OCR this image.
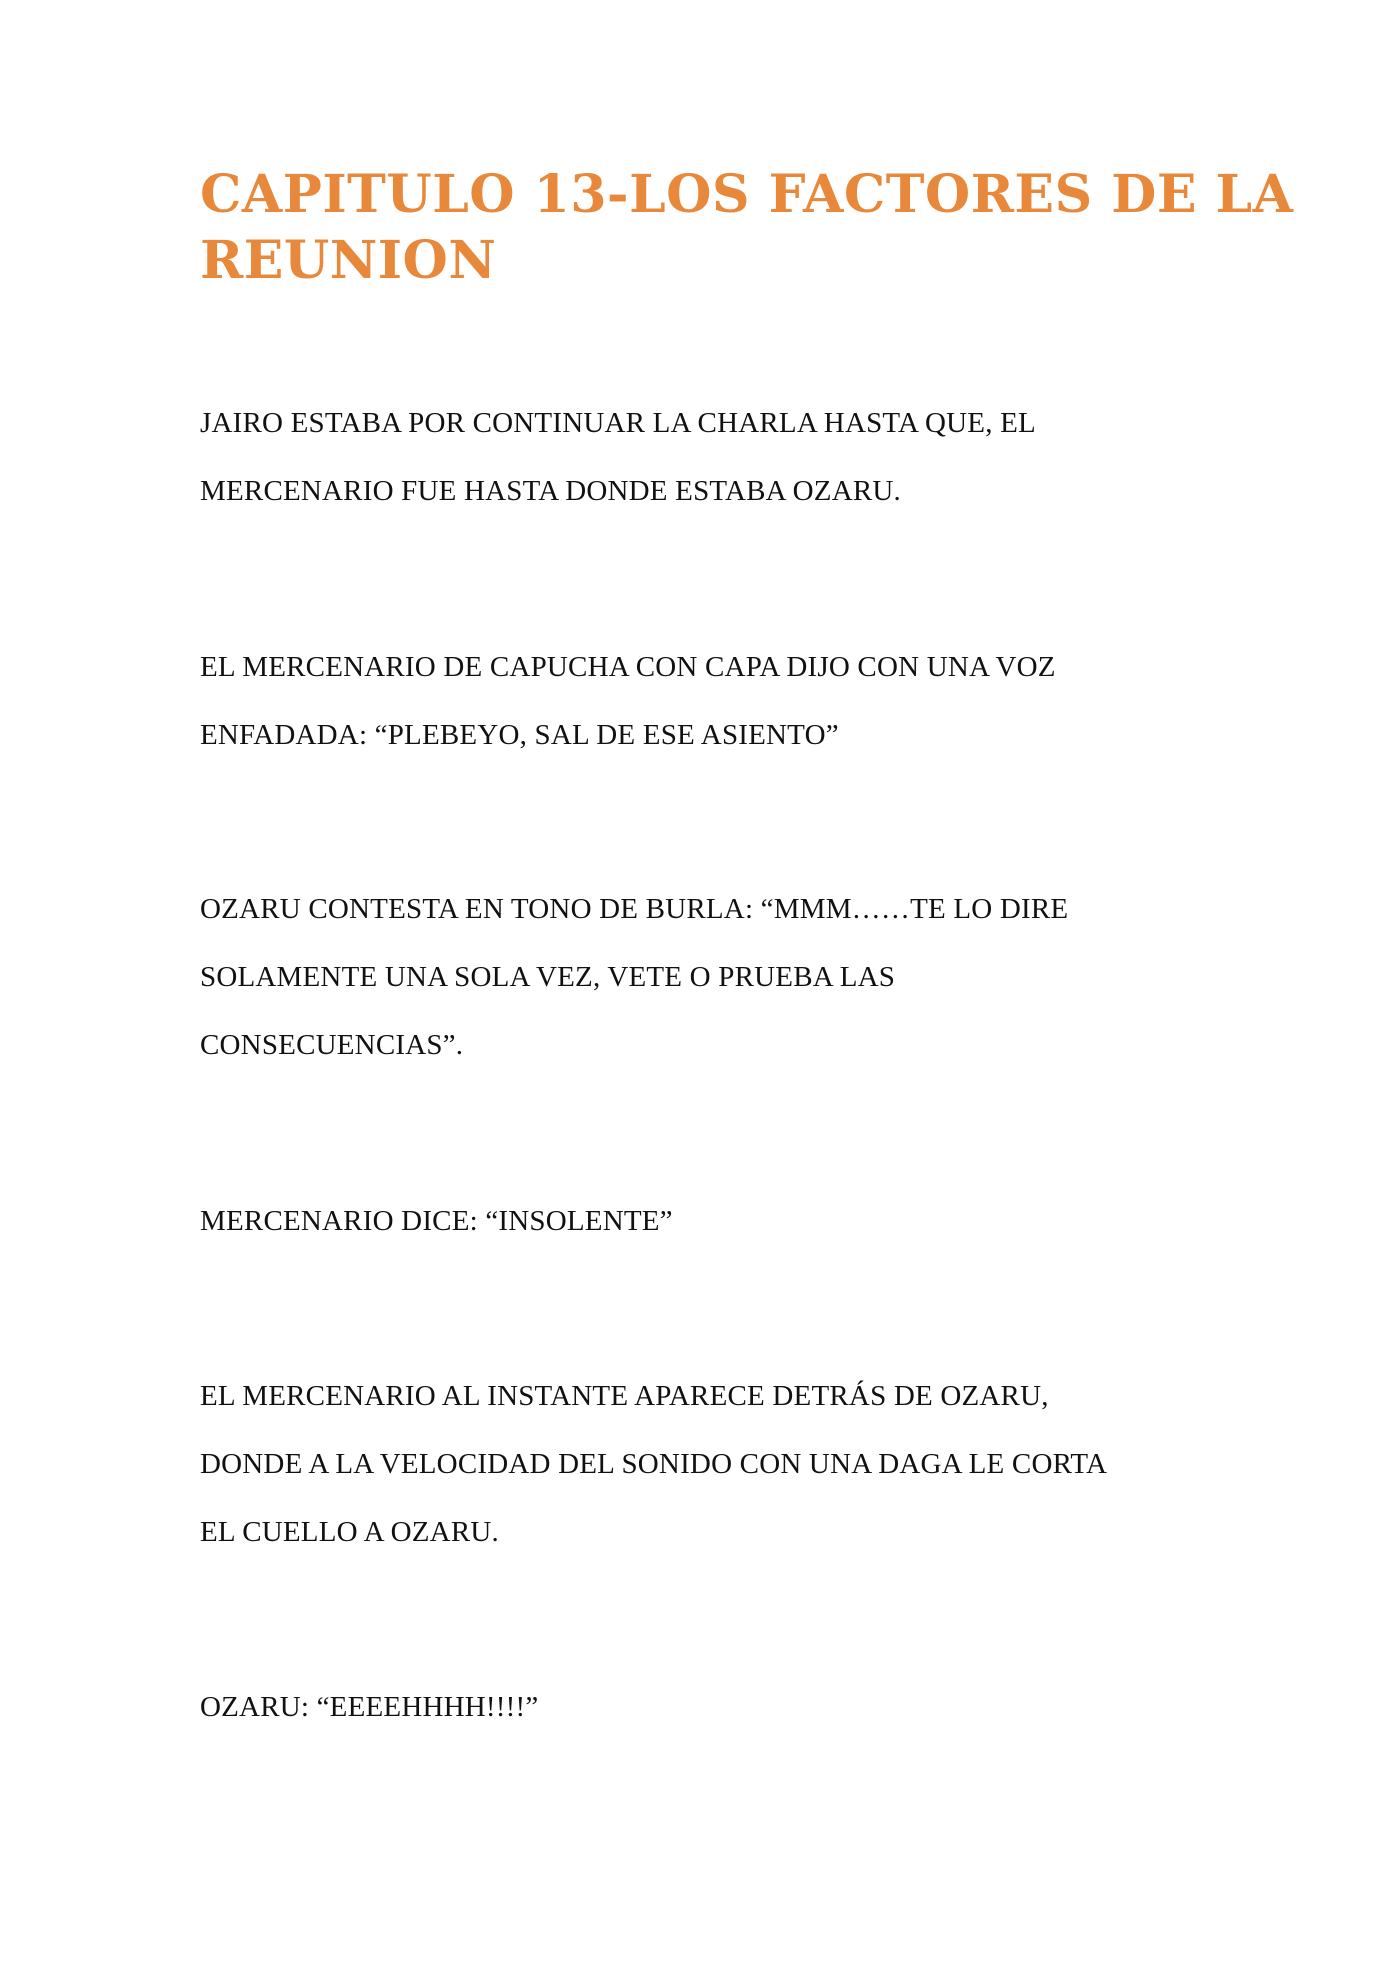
CAPITULO 13-LOS FACTORES DE LA
REUNION

JAIRO ESTABA POR CONTINUAR LA CHARLA HASTA QUE, EL
MERCENARIO FUE HASTA DONDE ESTABA OZARU.

EL MERCENARIO DE CAPUCHA CON CAPA DIJO CON UNA VOZ
ENFADADA: “PLEBEYO, SAL DE ESE ASIENTO”

OZARU CONTESTA EN TONO DE BURLA: “MMM……TE LO DIRE
SOLAMENTE UNA SOLA VEZ, VETE O PRUEBA LAS
CONSECUENCIAS”.

MERCENARIO DICE: “INSOLENTE”

EL MERCENARIO AL INSTANTE APARECE DETRÁS DE OZARU,
DONDE A LA VELOCIDAD DEL SONIDO CON UNA DAGA LE CORTA
EL CUELLO A OZARU.

OZARU: “EEEEHHHH!!!!”
